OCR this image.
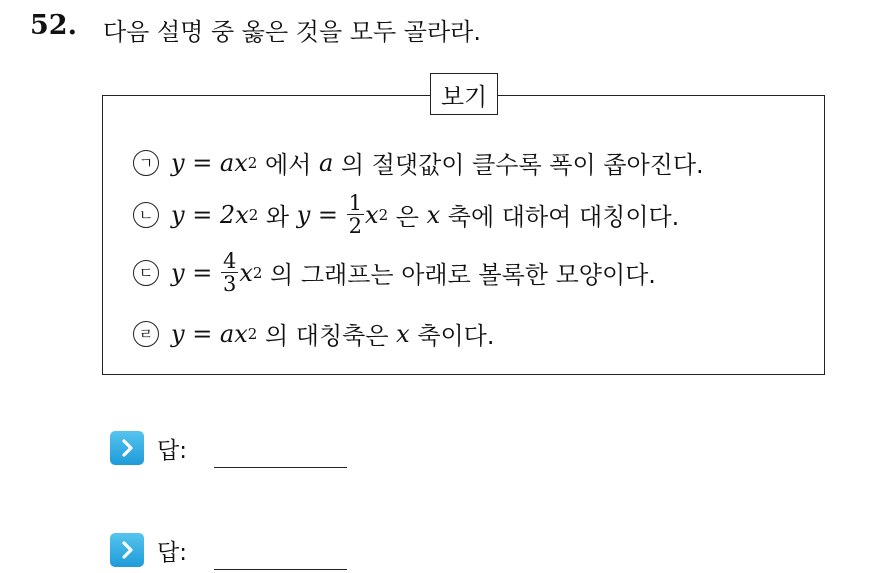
52. 다음 설명 중 옳은 것을 모두 골라라.
보기
ㄱ y = ax 2 에서 a 의 절댓값이 클수록 폭이 좁아진다.
ㄴ y = 2x 2 와 $y = \frac{1}{2}$ x 2 은 x 축에 대하여 대칭이다.
ㄷ $y = \frac{4}{3}$ x 2 의 그래프는 아래로 볼록한 모양이다.
ㄹ y = ax 2 의 대칭축은 x 축이다.
답:
답:
